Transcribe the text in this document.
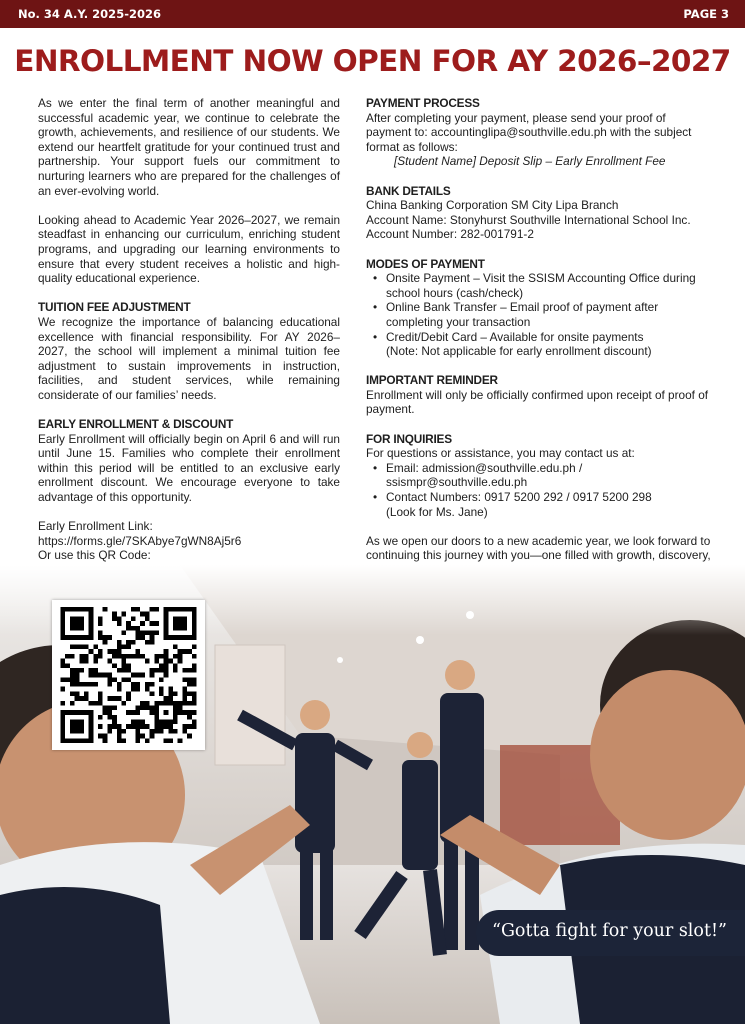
No. 34 A.Y. 2025-2026	PAGE 3
ENROLLMENT NOW OPEN FOR AY 2026–2027

As we enter the final term of another meaningful and successful academic year, we continue to celebrate the growth, achievements, and resilience of our students. We extend our heartfelt gratitude for your continued trust and partnership. Your support fuels our commitment to nurturing learners who are prepared for the challenges of an ever-evolving world.

Looking ahead to Academic Year 2026–2027, we remain steadfast in enhancing our curriculum, enriching student programs, and upgrading our learning environments to ensure that every student receives a holistic and high-quality educational experience.

TUITION FEE ADJUSTMENT

We recognize the importance of balancing educational excellence with financial responsibility. For AY 2026–2027, the school will implement a minimal tuition fee adjustment to sustain improvements in instruction, facilities, and student services, while remaining considerate of our families’ needs.

EARLY ENROLLMENT & DISCOUNT

Early Enrollment will officially begin on April 6 and will run until June 15. Families who complete their enrollment within this period will be entitled to an exclusive early enrollment discount. We encourage everyone to take advantage of this opportunity.

Early Enrollment Link:

https://forms.gle/7SKAbye7gWN8Aj5r6

Or use this QR Code:

PAYMENT PROCESS

After completing your payment, please send your proof of payment to: accountinglipa@southville.edu.ph with the subject format as follows:

[Student Name] Deposit Slip – Early Enrollment Fee

BANK DETAILS

China Banking Corporation SM City Lipa Branch

Account Name: Stonyhurst Southville International School Inc.

Account Number: 282-001791-2

MODES OF PAYMENT

• Onsite Payment – Visit the SSISM Accounting Office during school hours (cash/check)
• Online Bank Transfer – Email proof of payment after completing your transaction
• Credit/Debit Card – Available for onsite payments

(Note: Not applicable for early enrollment discount)

IMPORTANT REMINDER

Enrollment will only be officially confirmed upon receipt of proof of payment.

FOR INQUIRIES

For questions or assistance, you may contact us at:

• Email: admission@southville.edu.ph / ssismpr@southville.edu.ph
• Contact Numbers: 0917 5200 292 / 0917 5200 298

(Look for Ms. Jane)

As we open our doors to a new academic year, we look forward to continuing this journey with you—one filled with growth, discovery,

“Gotta fight for your slot!”
